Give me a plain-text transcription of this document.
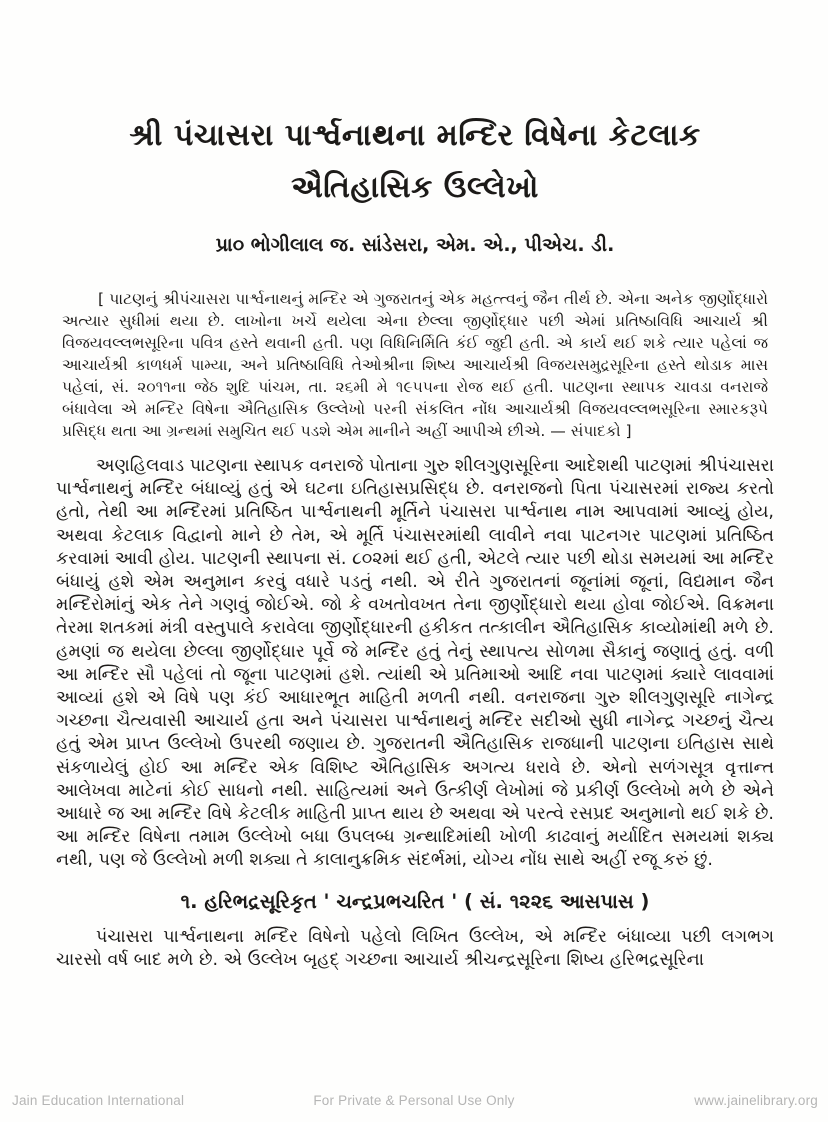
શ્રી પંચાસરા પાર્શ્વનાથના મન્દિર વિષેના કેટલાક
ઐતિહાસિક ઉલ્લેખો
પ્રા૦ ભોગીલાલ જ. સાંડેસરા, એમ. એ., પીએચ. ડી.
[ પાટણનું શ્રીપંચાસરા પાર્શ્વનાથનું મન્દિર એ ગુજરાતનું એક મહત્ત્વનું જૈન તીર્થ છે. એના અનેક જીર્ણોદ્ધારો અત્યાર સુધીમાં થયા છે. લાખોના ખર્ચે થયેલા એના છેલ્લા જીર્ણોદ્ધાર પછી એમાં પ્રતિષ્ઠાવિધિ આચાર્ય શ્રી વિજયવલ્લભસૂરિના પવિત્ર હસ્તે થવાની હતી. પણ વિધિનિર્મિતિ કંઈ જુદી હતી. એ કાર્ય થઈ શકે ત્યાર પહેલાં જ આચાર્યશ્રી કાળધર્મ પામ્યા, અને પ્રતિષ્ઠાવિધિ તેઓશ્રીના શિષ્ય આચાર્યશ્રી વિજયસમુદ્રસૂરિના હસ્તે થોડાક માસ પહેલાં, સં. ૨૦૧૧ના જેઠ શુદિ પાંચમ, તા. ૨૬મી મે ૧૯૫૫ના રોજ થઈ હતી. પાટણના સ્થાપક ચાવડા વનરાજે બંધાવેલા એ મન્દિર વિષેના ઐતિહાસિક ઉલ્લેખો પરની સંકલિત નોંધ આચાર્યશ્રી વિજયવલ્લભસૂરિના સ્મારકરૂપે પ્રસિદ્ધ થતા આ ગ્રન્થમાં સમુચિત થઈ પડશે એમ માનીને અહીં આપીએ છીએ. — સંપાદકો ]
અણહિલવાડ પાટણના સ્થાપક વનરાજે પોતાના ગુરુ શીલગુણસૂરિના આદેશથી પાટણમાં શ્રીપંચાસરા પાર્શ્વનાથનું મન્દિર બંધાવ્યું હતું એ ઘટના ઇતિહાસપ્રસિદ્ધ છે. વનરાજનો પિતા પંચાસરમાં રાજ્ય કરતો હતો, તેથી આ મન્દિરમાં પ્રતિષ્ઠિત પાર્શ્વનાથની મૂર્તિને પંચાસરા પાર્શ્વનાથ નામ આપવામાં આવ્યું હોય, અથવા કેટલાક વિદ્વાનો માને છે તેમ, એ મૂર્તિ પંચાસરમાંથી લાવીને નવા પાટનગર પાટણમાં પ્રતિષ્ઠિત કરવામાં આવી હોય. પાટણની સ્થાપના સં. ૮૦૨માં થઈ હતી, એટલે ત્યાર પછી થોડા સમયમાં આ મન્દિર બંધાયું હશે એમ અનુમાન કરવું વધારે પડતું નથી. એ રીતે ગુજરાતનાં જૂનાંમાં જૂનાં, વિદ્યમાન જૈન મન્દિરોમાંનું એક તેને ગણવું જોઈએ. જો કે વખતોવખત તેના જીર્ણોદ્ધારો થયા હોવા જોઈએ. વિક્રમના તેરમા શતકમાં મંત્રી વસ્તુપાલે કરાવેલા જીર્ણોદ્ધારની હકીકત તત્કાલીન ઐતિહાસિક કાવ્યોમાંથી મળે છે. હમણાં જ થયેલા છેલ્લા જીર્ણોદ્ધાર પૂર્વે જે મન્દિર હતું તેનું સ્થાપત્ય સોળમા સૈકાનું જણાતું હતું. વળી આ મન્દિર સૌ પહેલાં તો જૂના પાટણમાં હશે. ત્યાંથી એ પ્રતિમાઓ આદિ નવા પાટણમાં ક્યારે લાવવામાં આવ્યાં હશે એ વિષે પણ કંઈ આધારભૂત માહિતી મળતી નથી. વનરાજના ગુરુ શીલગુણસૂરિ નાગેન્દ્ર ગચ્છના ચૈત્યવાસી આચાર્ય હતા અને પંચાસરા પાર્શ્વનાથનું મન્દિર સદીઓ સુધી નાગેન્દ્ર ગચ્છનું ચૈત્ય હતું એમ પ્રાપ્ત ઉલ્લેખો ઉપરથી જણાય છે. ગુજરાતની ઐતિહાસિક રાજધાની પાટણના ઇતિહાસ સાથે સંકળાયેલું હોઈ આ મન્દિર એક વિશિષ્ટ ઐતિહાસિક અગત્ય ધરાવે છે. એનો સળંગસૂત્ર વૃત્તાન્ત આલેખવા માટેનાં કોઈ સાધનો નથી. સાહિત્યમાં અને ઉત્કીર્ણ લેખોમાં જે પ્રકીર્ણ ઉલ્લેખો મળે છે એને આધારે જ આ મન્દિર વિષે કેટલીક માહિતી પ્રાપ્ત થાય છે અથવા એ પરત્વે રસપ્રદ અનુમાનો થઈ શકે છે. આ મન્દિર વિષેના તમામ ઉલ્લેખો બધા ઉપલબ્ધ ગ્રન્થાદિમાંથી ખોળી કાઢવાનું મર્યાદિત સમયમાં શક્ય નથી, પણ જે ઉલ્લેખો મળી શક્યા તે કાલાનુક્રમિક સંદર્ભમાં, યોગ્ય નોંધ સાથે અહીં રજૂ કરું છું.
૧. હરિભદ્રસૂરિકૃત ' ચન્દ્રપ્રભચરિત ' ( સં. ૧૨૨૬ આસપાસ )
પંચાસરા પાર્શ્વનાથના મન્દિર વિષેનો પહેલો લિખિત ઉલ્લેખ, એ મન્દિર બંધાવ્યા પછી લગભગ ચારસો વર્ષ બાદ મળે છે. એ ઉલ્લેખ બૃહદ્ ગચ્છના આચાર્ય શ્રીચન્દ્રસૂરિના શિષ્ય હરિભદ્રસૂરિના
Jain Education International	For Private & Personal Use Only	www.jainelibrary.org
